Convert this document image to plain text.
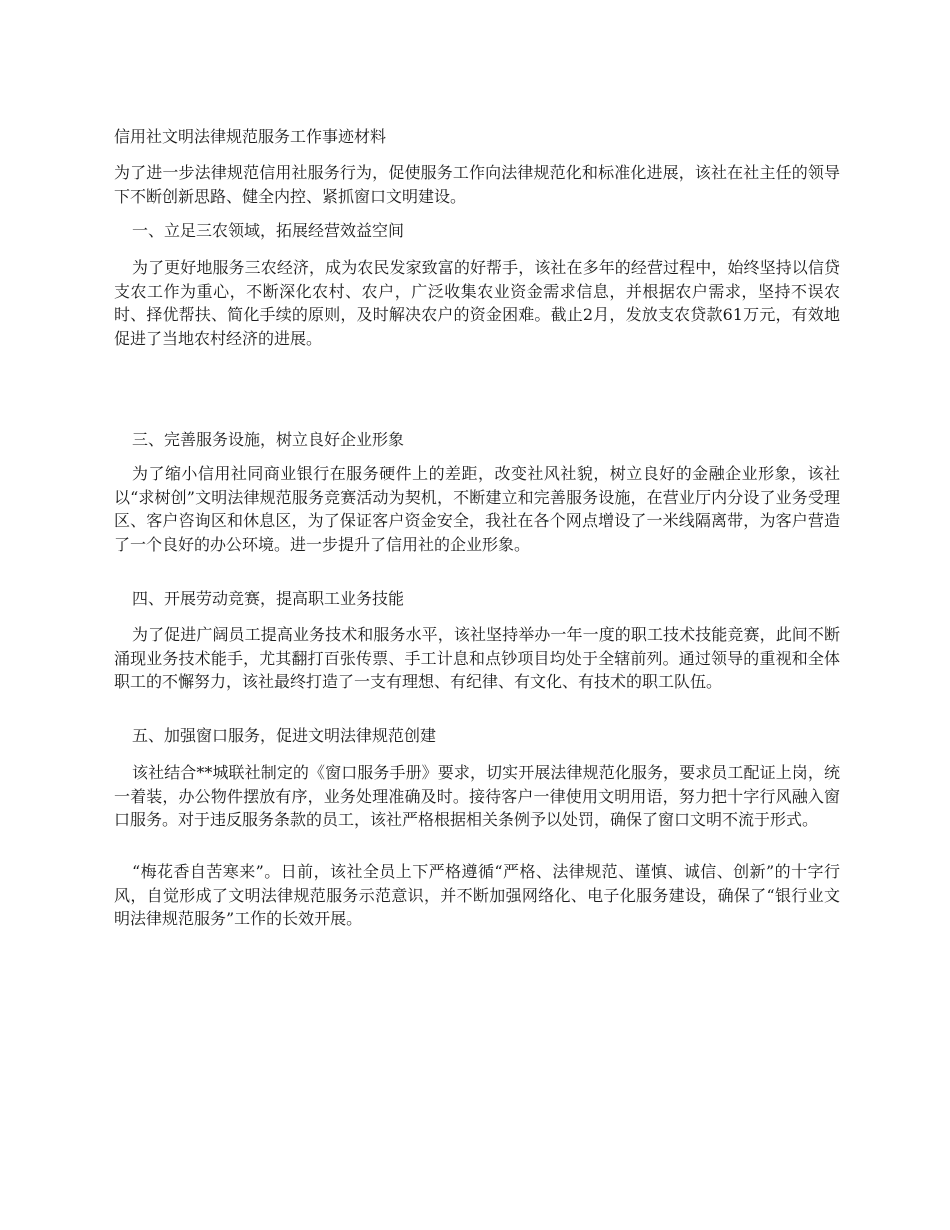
信用社文明法律规范服务工作事迹材料

为了进一步法律规范信用社服务行为，促使服务工作向法律规范化和标准化进展，该社在社主任的领导下不断创新思路、健全内控、紧抓窗口文明建设。

一、立足三农领域，拓展经营效益空间

为了更好地服务三农经济，成为农民发家致富的好帮手，该社在多年的经营过程中，始终坚持以信贷支农工作为重心，不断深化农村、农户，广泛收集农业资金需求信息，并根据农户需求，坚持不误农时、择优帮扶、简化手续的原则，及时解决农户的资金困难。截止2月，发放支农贷款61万元，有效地促进了当地农村经济的进展。

三、完善服务设施，树立良好企业形象

为了缩小信用社同商业银行在服务硬件上的差距，改变社风社貌，树立良好的金融企业形象，该社以“求树创”文明法律规范服务竞赛活动为契机，不断建立和完善服务设施，在营业厅内分设了业务受理区、客户咨询区和休息区，为了保证客户资金安全，我社在各个网点增设了一米线隔离带，为客户营造了一个良好的办公环境。进一步提升了信用社的企业形象。

四、开展劳动竞赛，提高职工业务技能

为了促进广阔员工提高业务技术和服务水平，该社坚持举办一年一度的职工技术技能竞赛，此间不断涌现业务技术能手，尤其翻打百张传票、手工计息和点钞项目均处于全辖前列。通过领导的重视和全体职工的不懈努力，该社最终打造了一支有理想、有纪律、有文化、有技术的职工队伍。

五、加强窗口服务，促进文明法律规范创建

该社结合**城联社制定的《窗口服务手册》要求，切实开展法律规范化服务，要求员工配证上岗，统一着装，办公物件摆放有序，业务处理准确及时。接待客户一律使用文明用语，努力把十字行风融入窗口服务。对于违反服务条款的员工，该社严格根据相关条例予以处罚，确保了窗口文明不流于形式。

“梅花香自苦寒来”。日前，该社全员上下严格遵循“严格、法律规范、谨慎、诚信、创新”的十字行风，自觉形成了文明法律规范服务示范意识，并不断加强网络化、电子化服务建设，确保了“银行业文明法律规范服务”工作的长效开展。
